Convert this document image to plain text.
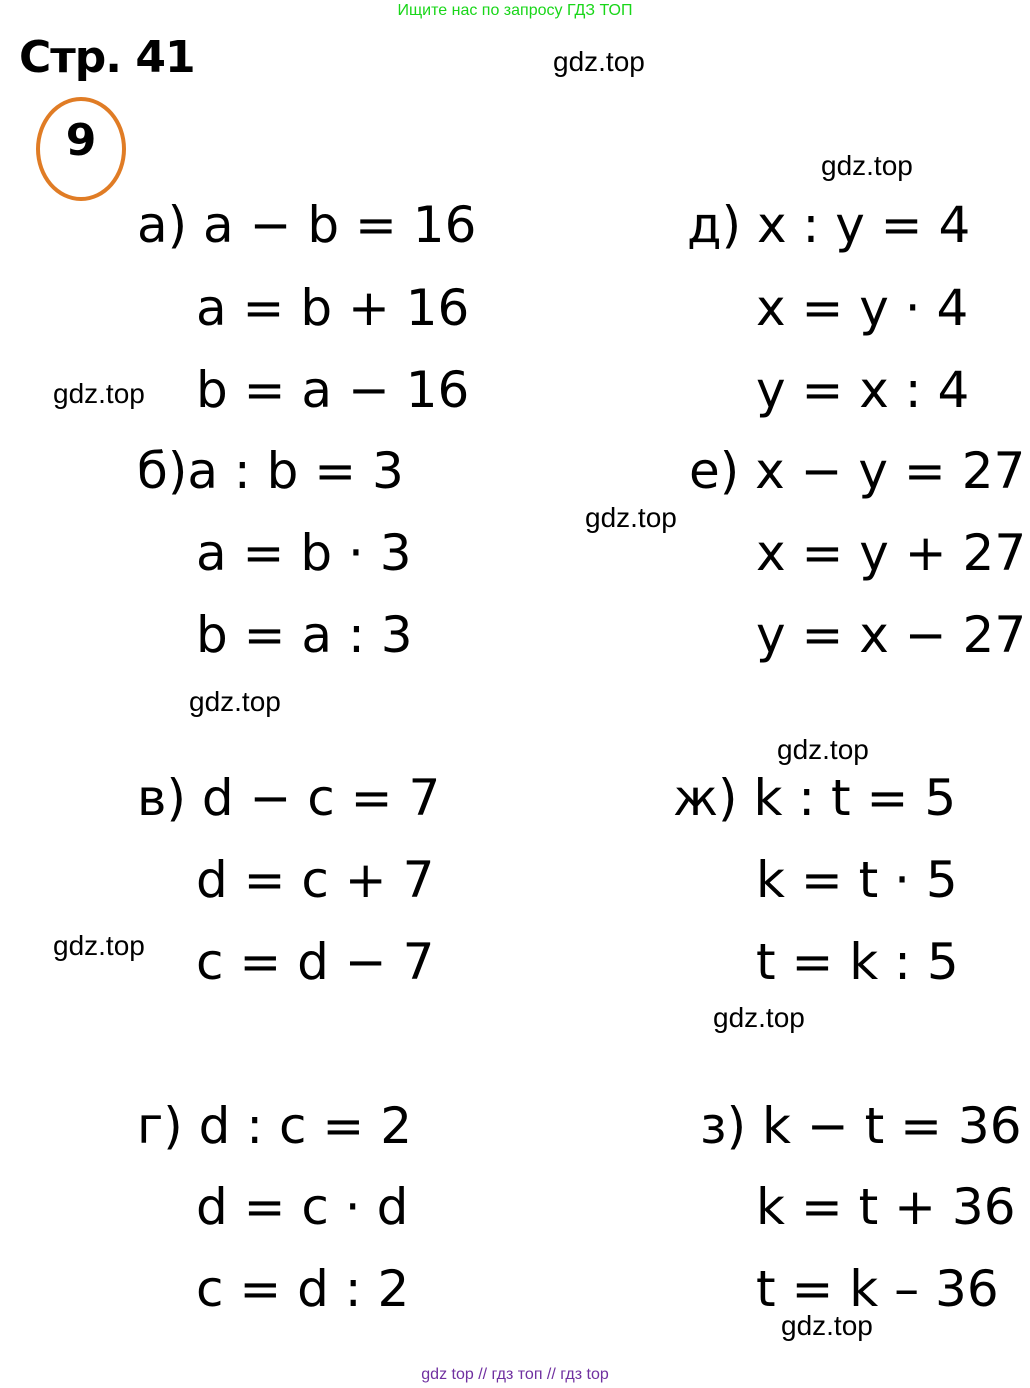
Ищите нас по запросу ГДЗ ТОП
Стр. 41
9
gdz.top
gdz.top
gdz.top
gdz.top
gdz.top
gdz.top
gdz.top
gdz.top
gdz.top
а) a − b = 16
a = b + 16
b = a − 16
б)a : b = 3
a = b · 3
b = a : 3
в) d − c = 7
d = c + 7
c = d − 7
г) d : c = 2
d = c · d
c = d : 2
д) x : y = 4
x = y · 4
y = x : 4
е) x − y = 27
x = y + 27
y = x − 27
ж) k : t = 5
k = t · 5
t = k : 5
з) k − t = 36
k = t + 36
t = k – 36
gdz top // гдз топ // гдз top
